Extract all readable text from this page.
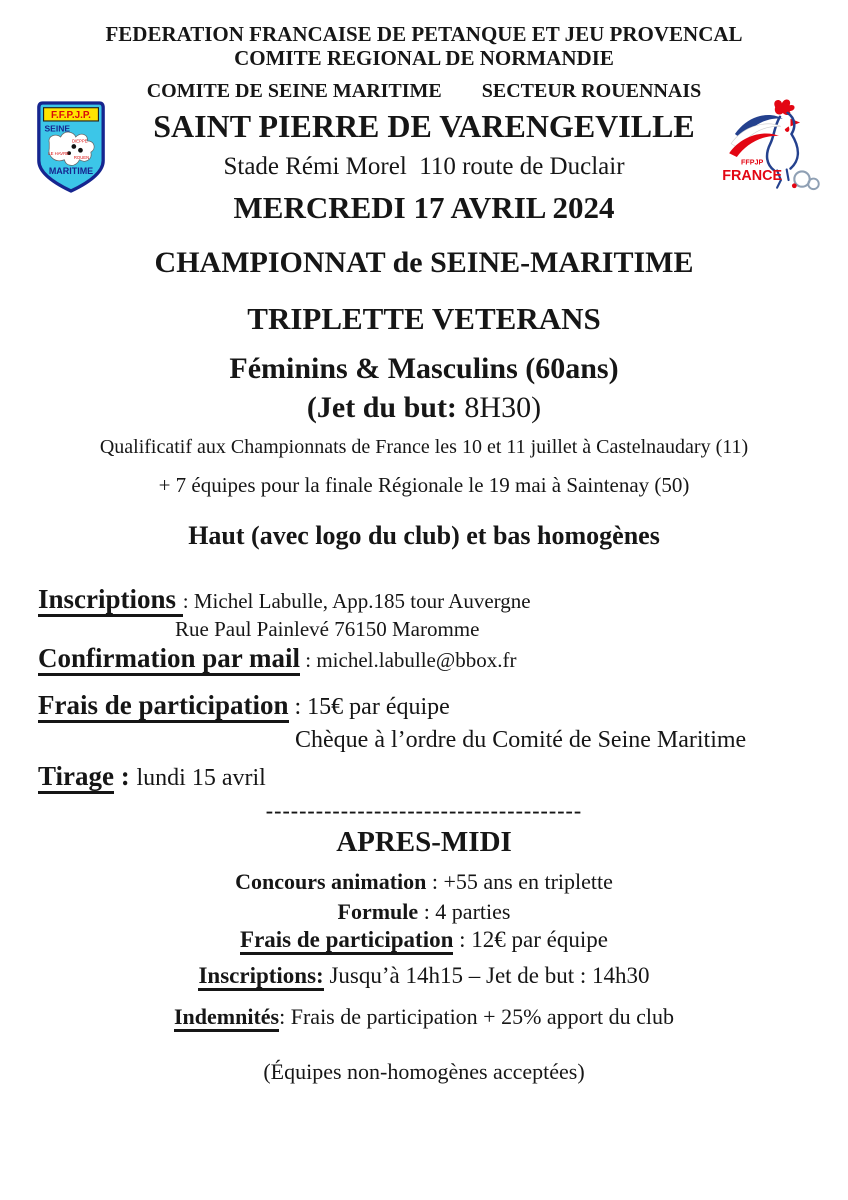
FEDERATION FRANCAISE DE PETANQUE ET JEU PROVENCAL
COMITE REGIONAL DE NORMANDIE
COMITE DE SEINE MARITIME SECTEUR ROUENNAIS
SAINT PIERRE DE VARENGEVILLE
Stade Rémi Morel  110 route de Duclair
MERCREDI 17 AVRIL 2024
F.F.P.J.P.
SEINE
DIEPPE
LE HAVRE
ROUEN
MARITIME
FFPJP
FRANCE
CHAMPIONNAT de SEINE-MARITIME
TRIPLETTE VETERANS
Féminins & Masculins (60ans)
(Jet du but: 8H30)
Qualificatif aux Championnats de France les 10 et 11 juillet à Castelnaudary (11)
+ 7 équipes pour la finale Régionale le 19 mai à Saintenay (50)
Haut (avec logo du club) et bas homogènes
Inscriptions : Michel Labulle, App.185 tour Auvergne
Rue Paul Painlevé 76150 Maromme
Confirmation par mail : michel.labulle@bbox.fr
Frais de participation : 15€ par équipe
Chèque à l’ordre du Comité de Seine Maritime
Tirage : lundi 15 avril
--------------------------------------
APRES-MIDI
Concours animation : +55 ans en triplette
Formule : 4 parties
Frais de participation : 12€ par équipe
Inscriptions: Jusqu’à 14h15 – Jet de but : 14h30
Indemnités: Frais de participation + 25% apport du club
(Équipes non-homogènes acceptées)
